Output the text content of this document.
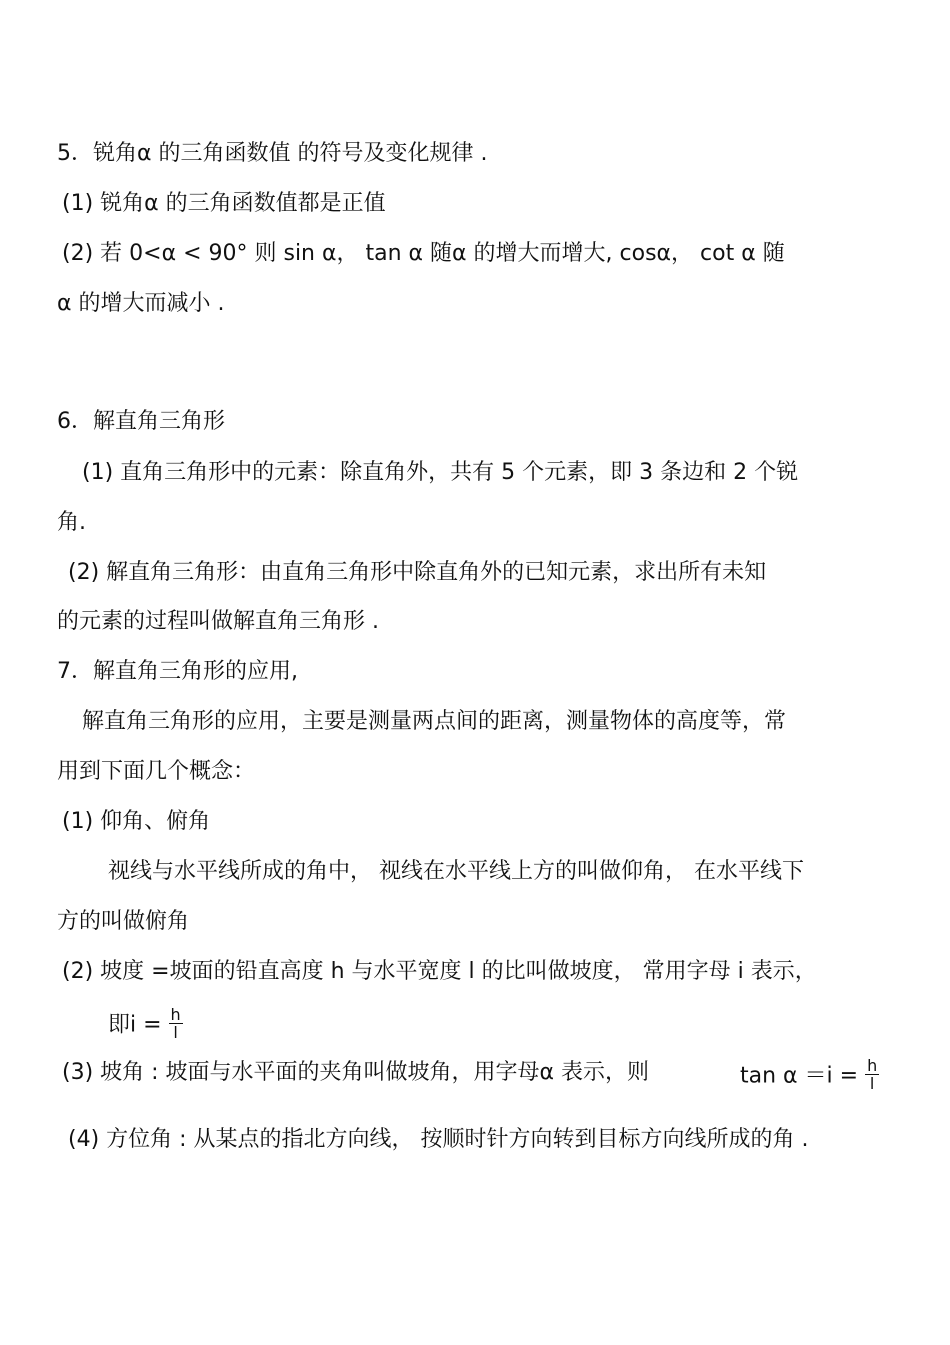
5．锐角α 的三角函数值 的符号及变化规律 .
(1) 锐角α 的三角函数值都是正值
(2) 若 0<α < 90° 则 sin α， tan α 随α 的增大而增大, cosα， cot α 随
α 的增大而减小 .
6．解直角三角形
(1) 直角三角形中的元素：除直角外，共有 5 个元素，即 3 条边和 2 个锐
角.
(2) 解直角三角形：由直角三角形中除直角外的已知元素，求出所有未知
的元素的过程叫做解直角三角形 .
7．解直角三角形的应用,
解直角三角形的应用，主要是测量两点间的距离，测量物体的高度等，常
用到下面几个概念：
(1) 仰角、俯角
视线与水平线所成的角中， 视线在水平线上方的叫做仰角， 在水平线下
方的叫做俯角
(2) 坡度 =坡面的铅直高度 h 与水平宽度 l 的比叫做坡度， 常用字母 i 表示，
即$i = \frac{h}{l}$
(3) 坡角 : 坡面与水平面的夹角叫做坡角，用字母α 表示，则	$\tan \alpha =i = \frac{h}{l}$
(4) 方位角 : 从某点的指北方向线， 按顺时针方向转到目标方向线所成的角 .
